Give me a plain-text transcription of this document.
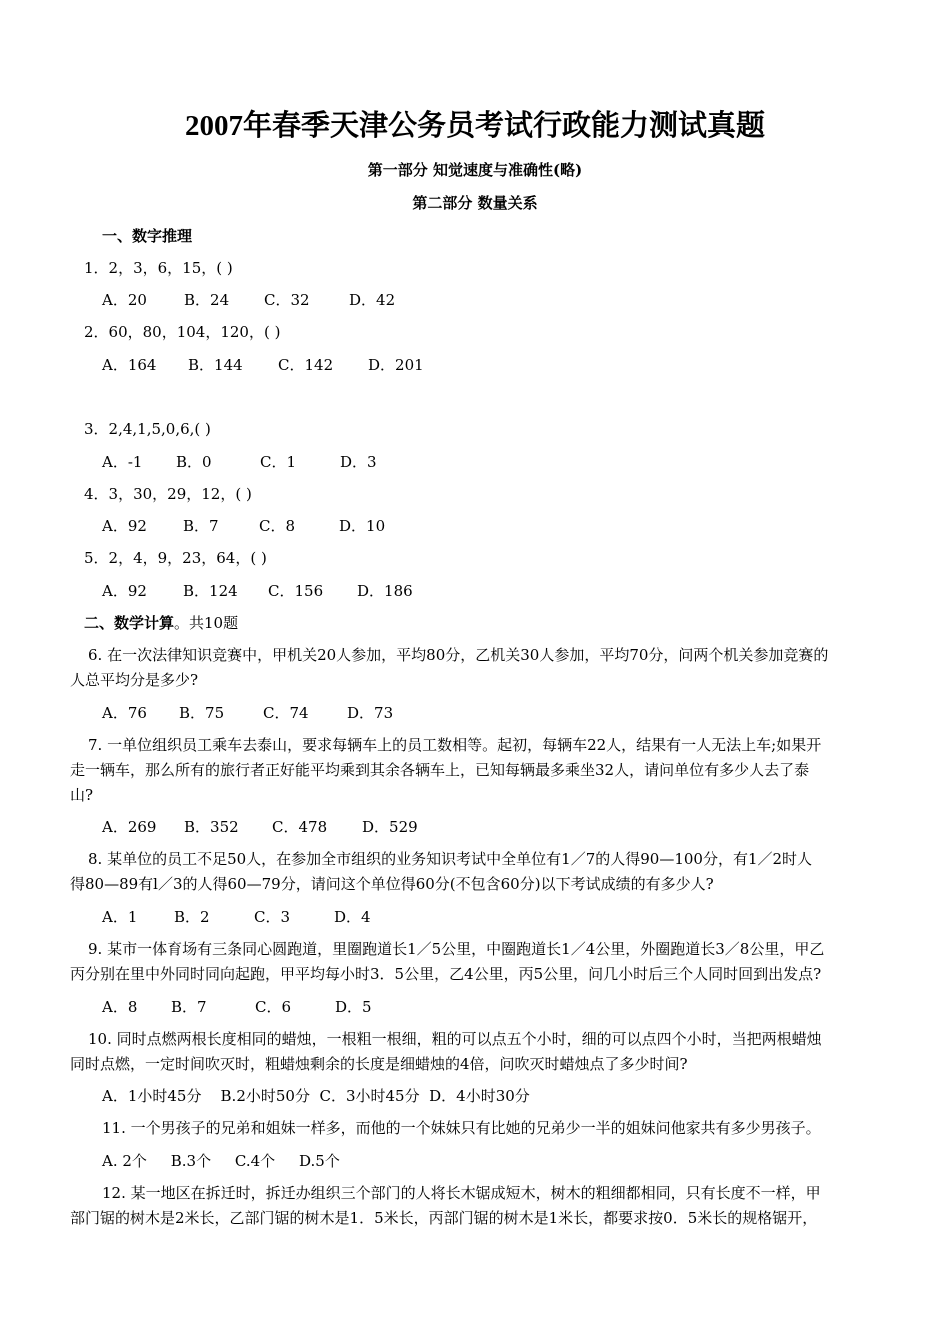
2007年春季天津公务员考试行政能力测试真题
第一部分 知觉速度与准确性(略)
第二部分 数量关系
一、数字推理
1．2，3，6，15，( )
A．20	B．24	C．32	D．42
2．60，80，104，120，( )
A．164	B．144	C．142	D．201
3．2,4,1,5,0,6,( )
A．-1	B．0	C．1	D．3
4．3，30，29，12，( )
A．92	B．7	C．8	D．10
5．2，4，9，23，64，( )
A．92	B．124	C．156	D．186
二、数学计算。共10题
6. 在一次法律知识竞赛中，甲机关20人参加，平均80分，乙机关30人参加，平均70分，问两个机关参加竞赛的
人总平均分是多少?
A．76	B．75	C．74	D．73
7. 一单位组织员工乘车去泰山，要求每辆车上的员工数相等。起初，每辆车22人，结果有一人无法上车;如果开
走一辆车，那么所有的旅行者正好能平均乘到其余各辆车上，已知每辆最多乘坐32人，请问单位有多少人去了泰
山?
A．269	B．352	C．478	D．529
8. 某单位的员工不足50人，在参加全市组织的业务知识考试中全单位有1／7的人得90—100分，有1／2时人
得80—89有l／3的人得60—79分，请问这个单位得60分(不包含60分)以下考试成绩的有多少人?
A．1	B．2	C．3	D．4
9. 某市一体育场有三条同心圆跑道，里圈跑道长1／5公里，中圈跑道长1／4公里，外圈跑道长3／8公里，甲乙
丙分别在里中外同时同向起跑，甲平均每小时3．5公里，乙4公里，丙5公里，问几小时后三个人同时回到出发点?
A．8	B．7	C．6	D．5
10. 同时点燃两根长度相同的蜡烛，一根粗一根细，粗的可以点五个小时，细的可以点四个小时，当把两根蜡烛
同时点燃，一定时间吹灭时，粗蜡烛剩余的长度是细蜡烛的4倍，问吹灭时蜡烛点了多少时间?
A．1小时45分    B.2小时50分  C．3小时45分  D．4小时30分
11. 一个男孩子的兄弟和姐妹一样多，而他的一个妹妹只有比她的兄弟少一半的姐妹问他家共有多少男孩子。
A. 2个     B.3个     C.4个     D.5个
12. 某一地区在拆迁时，拆迁办组织三个部门的人将长木锯成短木，树木的粗细都相同，只有长度不一样，甲
部门锯的树木是2米长，乙部门锯的树木是1．5米长，丙部门锯的树木是1米长，都要求按0．5米长的规格锯开，
